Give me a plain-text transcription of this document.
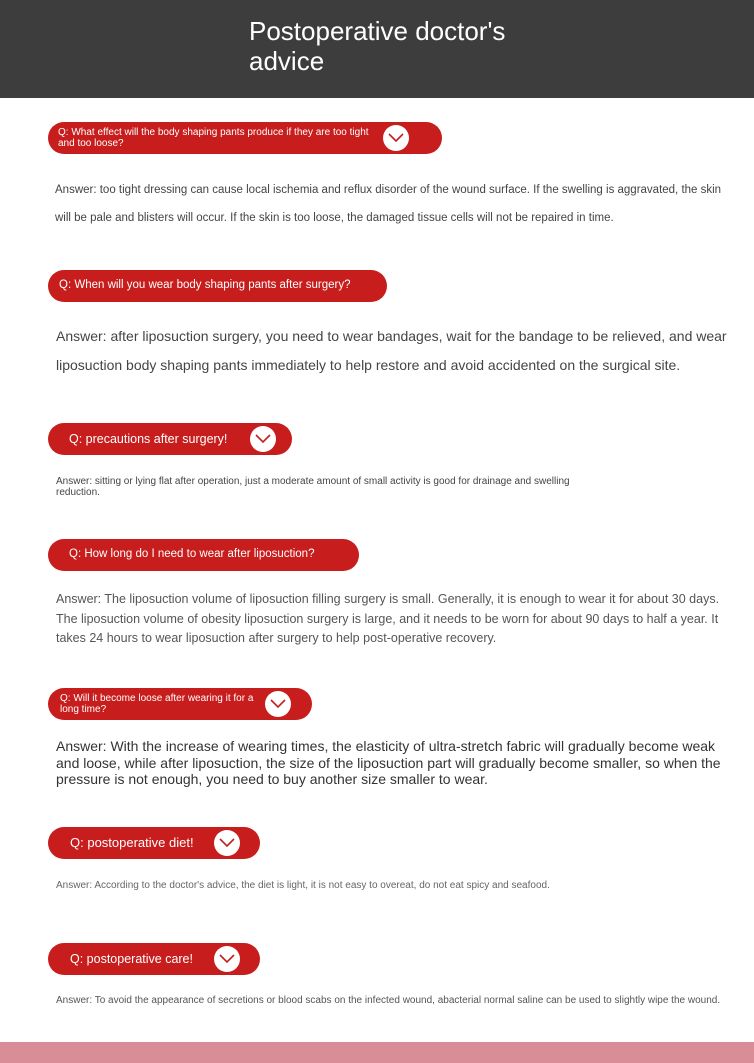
Postoperative doctor's advice
Q: What effect will the body shaping pants produce if they are too tight and too loose?
Answer: too tight dressing can cause local ischemia and reflux disorder of the wound surface. If the swelling is aggravated, the skin will be pale and blisters will occur. If the skin is too loose, the damaged tissue cells will not be repaired in time.
Q: When will you wear body shaping pants after surgery?
Answer: after liposuction surgery, you need to wear bandages, wait for the bandage to be relieved, and wear liposuction body shaping pants immediately to help restore and avoid accidented on the surgical site.
Q: precautions after surgery!
Answer: sitting or lying flat after operation, just a moderate amount of small activity is good for drainage and swelling reduction.
Q: How long do I need to wear after liposuction?
Answer: The liposuction volume of liposuction filling surgery is small. Generally, it is enough to wear it for about 30 days. The liposuction volume of obesity liposuction surgery is large, and it needs to be worn for about 90 days to half a year. It takes 24 hours to wear liposuction after surgery to help post-operative recovery.
Q: Will it become loose after wearing it for a long time?
Answer: With the increase of wearing times, the elasticity of ultra-stretch fabric will gradually become weak and loose, while after liposuction, the size of the liposuction part will gradually become smaller, so when the pressure is not enough, you need to buy another size smaller to wear.
Q: postoperative diet!
Answer: According to the doctor's advice, the diet is light, it is not easy to overeat, do not eat spicy and seafood.
Q: postoperative care!
Answer: To avoid the appearance of secretions or blood scabs on the infected wound, abacterial normal saline can be used to slightly wipe the wound.
